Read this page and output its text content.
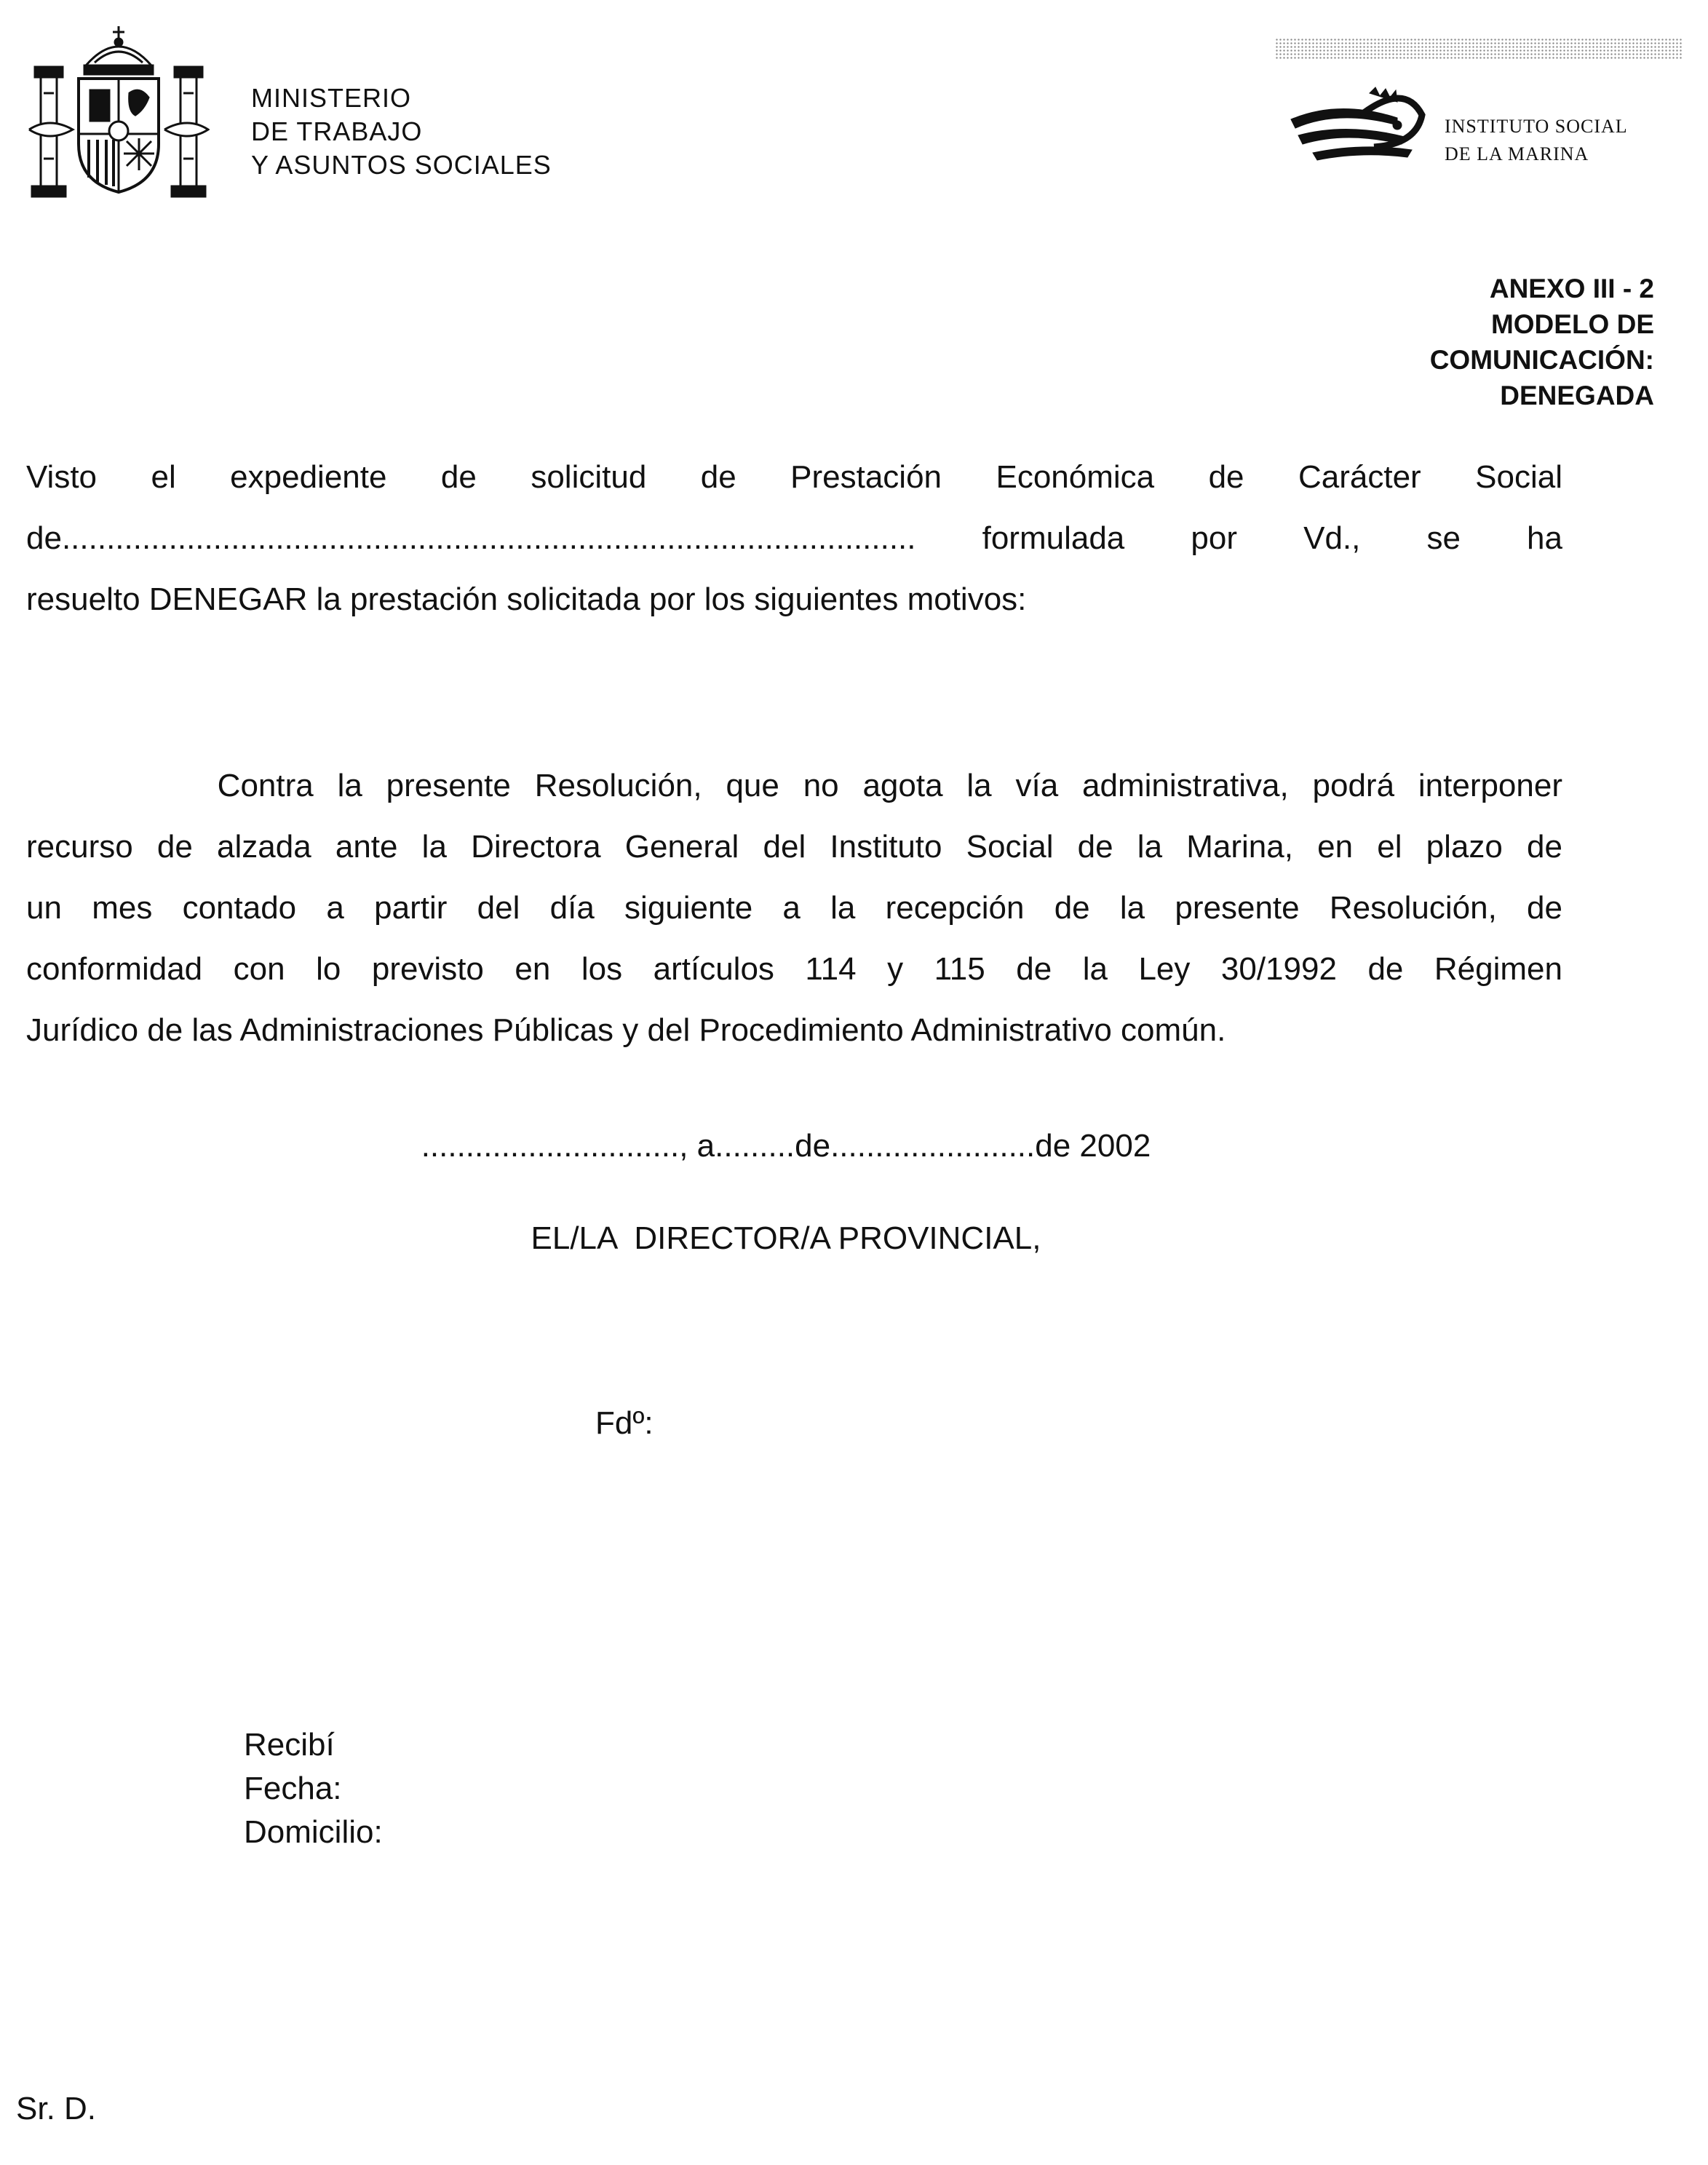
MINISTERIO
DE TRABAJO
Y ASUNTOS SOCIALES
INSTITUTO SOCIAL
DE LA MARINA
ANEXO III - 2
MODELO DE
COMUNICACIÓN:
DENEGADA
Visto el expediente de solicitud de Prestación Económica de Carácter Social
de................................................................................................ formulada por Vd., se ha
resuelto DENEGAR la prestación solicitada por los siguientes motivos:
Contra la presente Resolución, que no agota la vía administrativa, podrá interponer
recurso de alzada ante la Directora General del Instituto Social de la Marina, en el plazo de
un mes contado a partir del día siguiente a la recepción de la presente Resolución, de
conformidad con lo previsto en los artículos 114 y 115 de la Ley 30/1992 de Régimen
Jurídico de las Administraciones Públicas y del Procedimiento Administrativo común.
............................., a.........de.......................de 2002
EL/LA  DIRECTOR/A PROVINCIAL,
Fdº:
Recibí
Fecha:
Domicilio:
Sr. D.
